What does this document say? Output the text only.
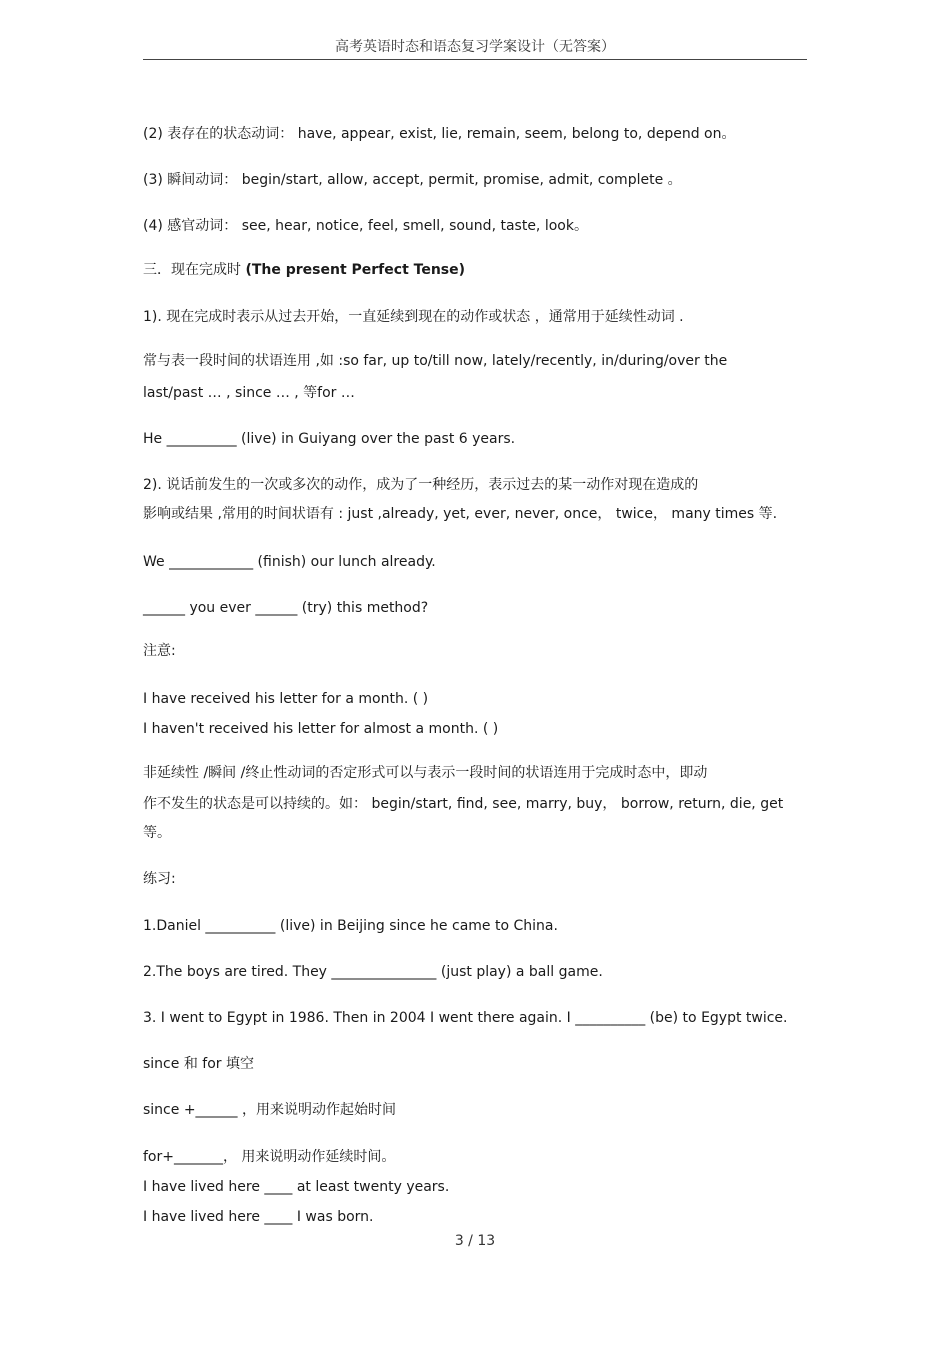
高考英语时态和语态复习学案设计（无答案）
(2) 表存在的状态动词： have, appear, exist, lie, remain, seem, belong to, depend on。
(3) 瞬间动词： begin/start, allow, accept, permit, promise, admit, complete 。
(4) 感官动词： see, hear, notice, feel, smell, sound, taste, look。
三．现在完成时 (The present Perfect Tense)
1). 现在完成时表示从过去开始，一直延续到现在的动作或状态 ，通常用于延续性动词 .
常与表一段时间的状语连用 ,如 :so far, up to/till now, lately/recently, in/during/over the
last/past … , since … , 等for …
He __________ (live) in Guiyang over the past 6 years.
2). 说话前发生的一次或多次的动作，成为了一种经历，表示过去的某一动作对现在造成的
影响或结果 ,常用的时间状语有 : just ,already, yet, ever, never, once， twice， many times 等.
We ____________ (finish) our lunch already.
______ you ever ______ (try) this method?
注意:
I have received his letter for a month. ( )
I haven't received his letter for almost a month. ( )
非延续性 /瞬间 /终止性动词的否定形式可以与表示一段时间的状语连用于完成时态中，即动
作不发生的状态是可以持续的。如： begin/start, find, see, marry, buy， borrow, return, die, get
等。
练习:
1.Daniel __________ (live) in Beijing since he came to China.
2.The boys are tired. They _______________ (just play) a ball game.
3. I went to Egypt in 1986. Then in 2004 I went there again. I __________ (be) to Egypt twice.
since 和 for 填空
since +______ ，用来说明动作起始时间
for+_______， 用来说明动作延续时间。
I have lived here ____ at least twenty years.
I have lived here ____ I was born.
3 / 13
